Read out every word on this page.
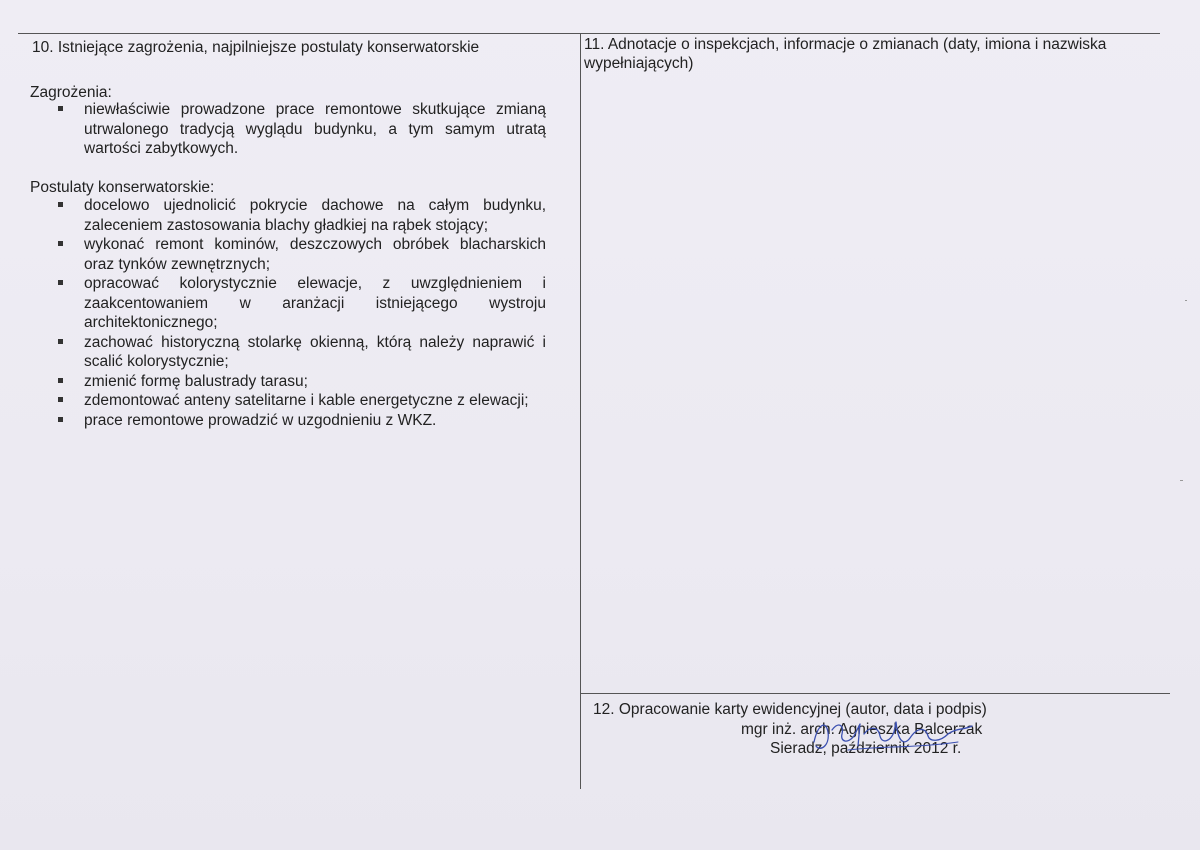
10. Istniejące zagrożenia, najpilniejsze postulaty konserwatorskie
Zagrożenia:
niewłaściwie prowadzone prace remontowe skutkujące zmianą utrwalonego tradycją wyglądu budynku, a tym samym utratą wartości zabytkowych.
Postulaty konserwatorskie:
docelowo ujednolicić pokrycie dachowe na całym budynku, zaleceniem zastosowania blachy gładkiej na rąbek stojący;
wykonać remont kominów, deszczowych obróbek blacharskich oraz tynków zewnętrznych;
opracować kolorystycznie elewacje, z uwzględnieniem i zaakcentowaniem w aranżacji istniejącego wystroju architektonicznego;
zachować historyczną stolarkę okienną, którą należy naprawić i scalić kolorystycznie;
zmienić formę balustrady tarasu;
zdemontować anteny satelitarne i kable energetyczne z elewacji;
prace remontowe prowadzić w uzgodnieniu z WKZ.
11. Adnotacje o inspekcjach, informacje o zmianach (daty, imiona i nazwiska wypełniających)
12. Opracowanie karty ewidencyjnej (autor, data i podpis)
mgr inż. arch. Agnieszka Balcerzak
Sieradz, październik 2012 r.
